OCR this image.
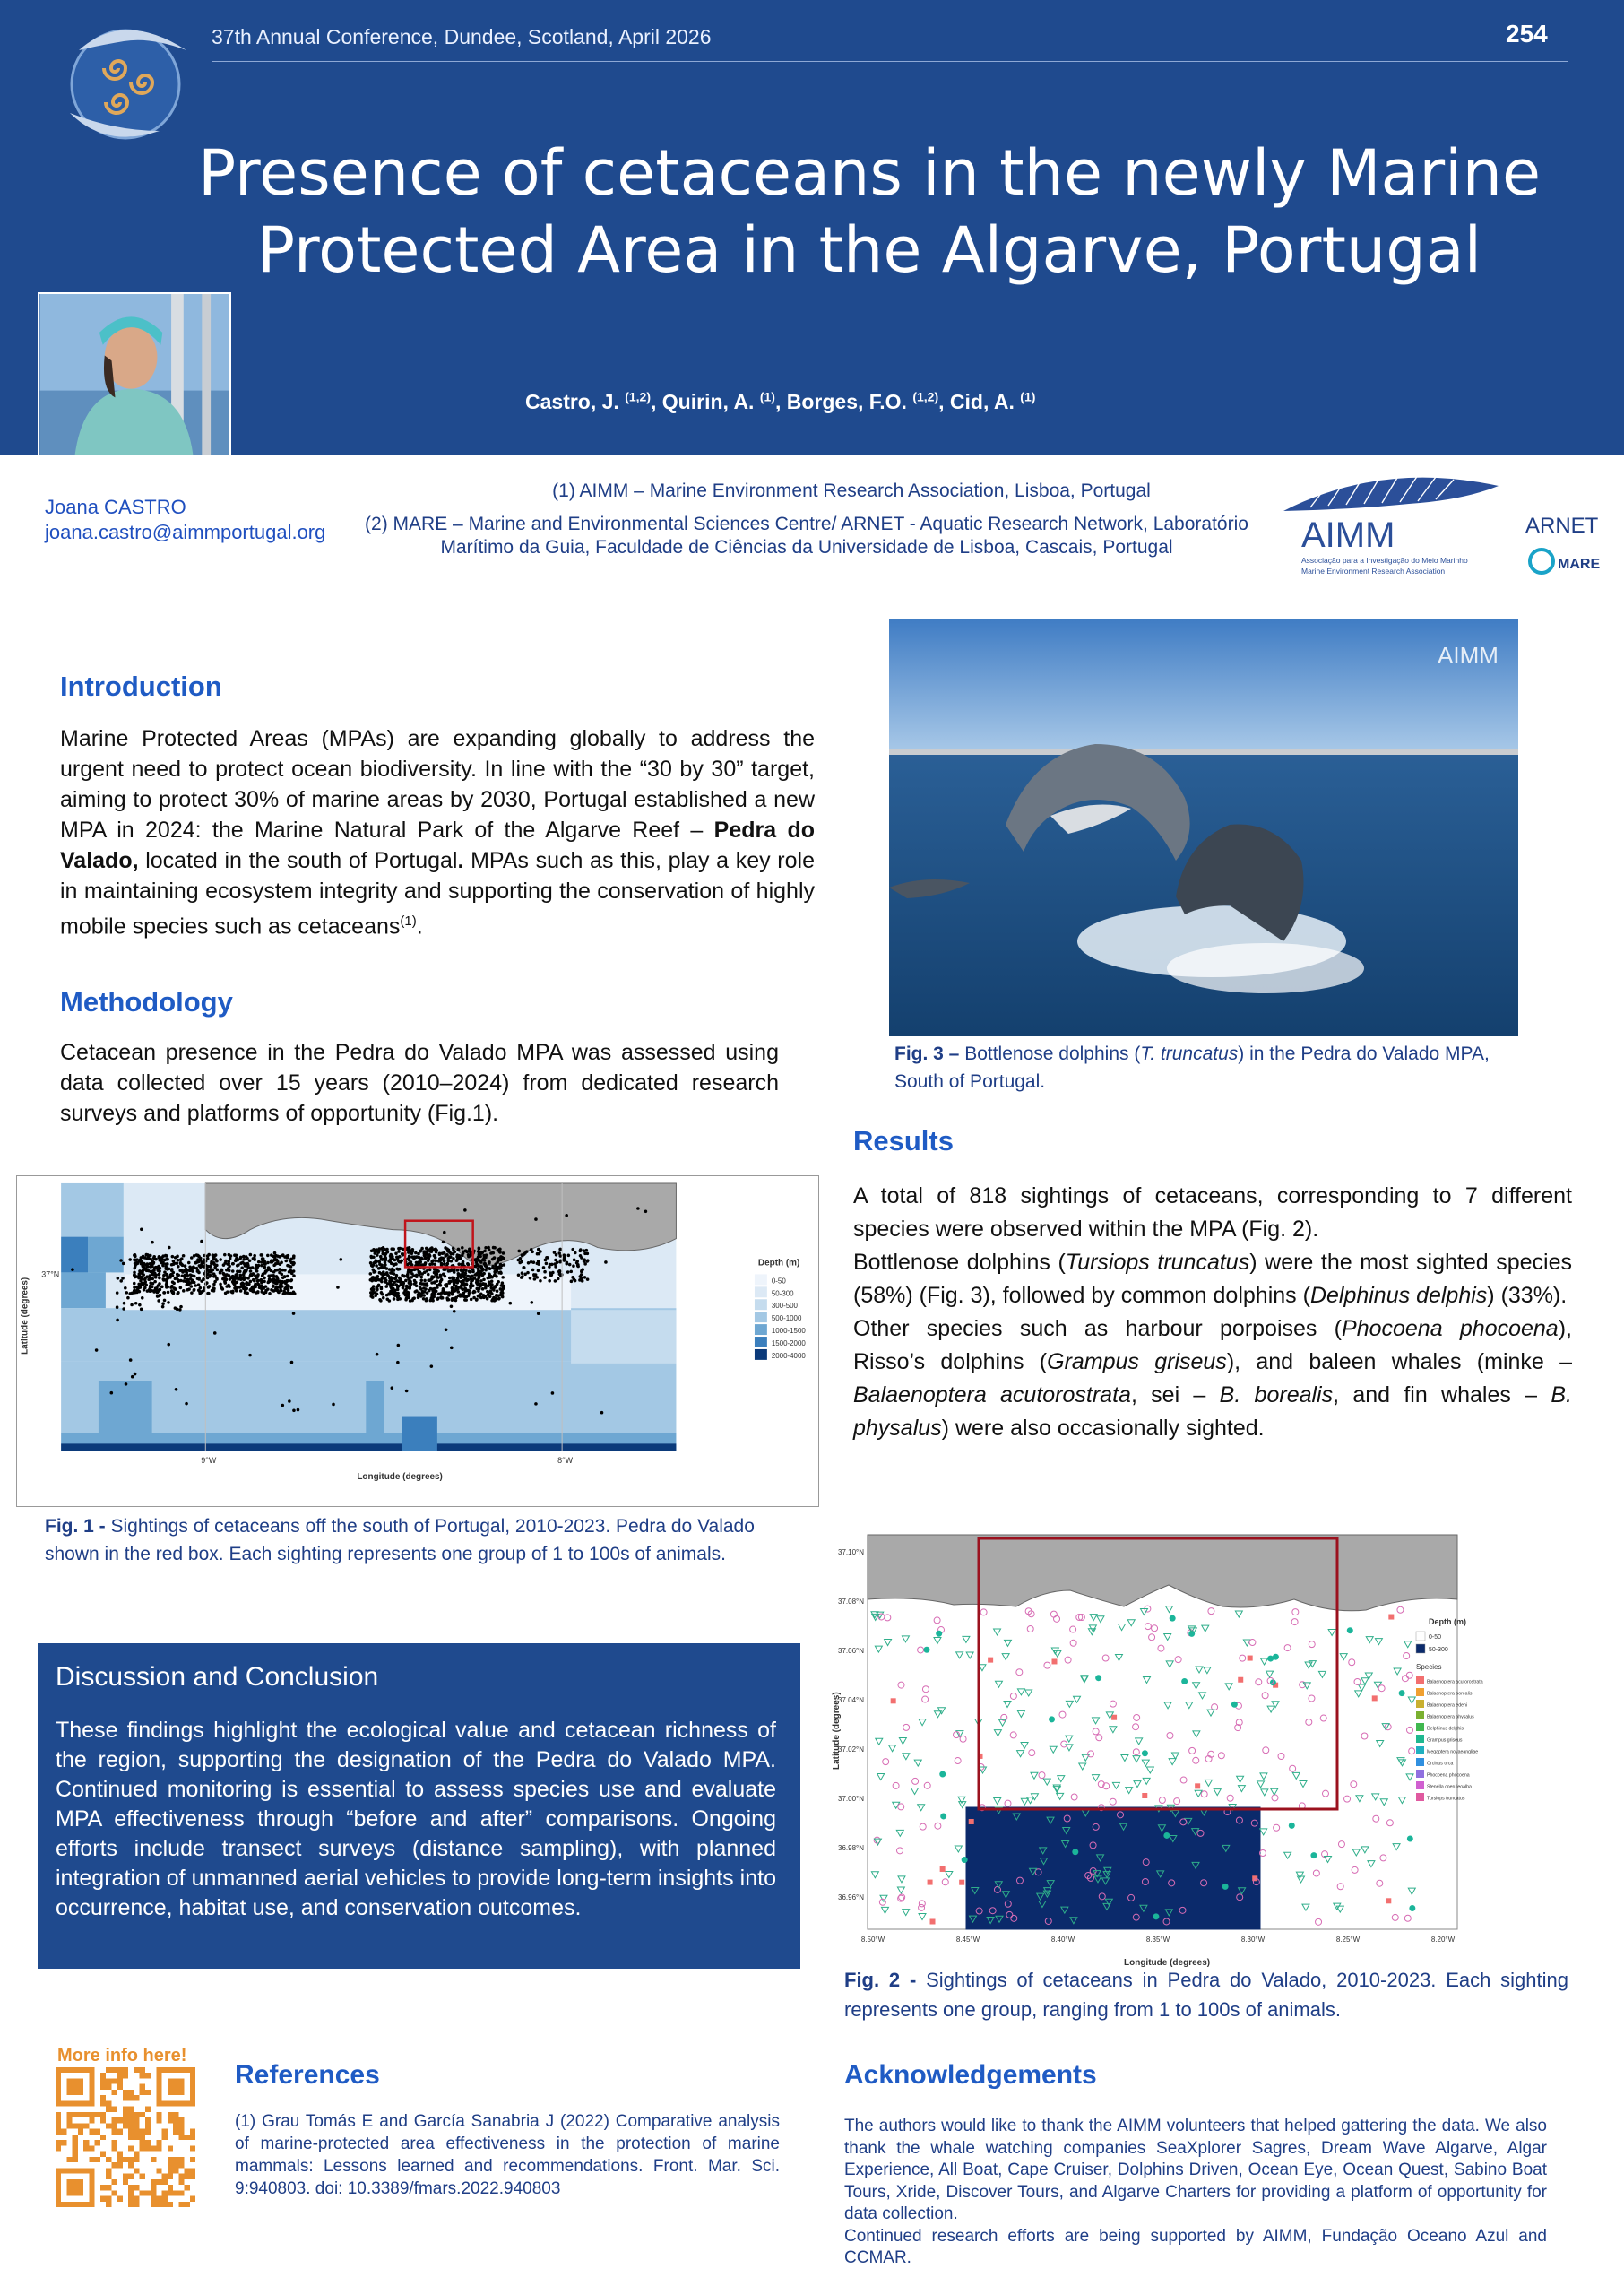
37th Annual Conference, Dundee, Scotland, April 2026	254
Presence of cetaceans in the newly Marine Protected Area in the Algarve, Portugal
Castro, J. $^{(1,2)}$, Quirin, A. $^{(1)}$, Borges, F.O. $^{(1,2)}$, Cid, A. $^{(1)}$
Joana CASTRO
joana.castro@aimmportugal.org
(1) AIMM – Marine Environment Research Association, Lisboa, Portugal
(2) MARE – Marine and Environmental Sciences Centre/ ARNET - Aquatic Research Network, Laboratório Marítimo da Guia, Faculdade de Ciências da Universidade de Lisboa, Cascais, Portugal	AIMM
Associação para a Investigação do Meio Marinho
Marine Environment Research Association
ARNET
MARE
Introduction
Marine Protected Areas (MPAs) are expanding globally to address the urgent need to protect ocean biodiversity. In line with the “30 by 30” target, aiming to protect 30% of marine areas by 2030, Portugal established a new MPA in 2024: the Marine Natural Park of the Algarve Reef – Pedra do Valado, located in the south of Portugal. MPAs such as this, play a key role in maintaining ecosystem integrity and supporting the conservation of highly mobile species such as cetaceans$^{(1)}$.
Methodology
Cetacean presence in the Pedra do Valado MPA was assessed using data collected over 15 years (2010–2024) from dedicated research surveys and platforms of opportunity (Fig.1).
9°W	8°W
37°N
Longitude (degrees)
Latitude (degrees)
Depth (m)
0-50
50-300
300-500
500-1000
1000-1500
1500-2000
2000-4000
Fig. 1 - Sightings of cetaceans off the south of Portugal, 2010-2023. Pedra do Valado shown in the red box. Each sighting represents one group of 1 to 100s of animals.
Discussion and Conclusion
These findings highlight the ecological value and cetacean richness of the region, supporting the designation of the Pedra do Valado MPA. Continued monitoring is essential to assess species use and evaluate MPA effectiveness through “before and after” comparisons. Ongoing efforts include transect surveys (distance sampling), with planned integration of unmanned aerial vehicles to provide long-term insights into occurrence, habitat use, and conservation outcomes.
More info here!
References
(1) Grau Tomás E and García Sanabria J (2022) Comparative analysis of marine-protected area effectiveness in the protection of marine mammals: Lessons learned and recommendations. Front. Mar. Sci. 9:940803. doi: 10.3389/fmars.2022.940803
AIMM
Fig. 3 – Bottlenose dolphins (T. truncatus) in the Pedra do Valado MPA, South of Portugal.
Results
A total of 818 sightings of cetaceans, corresponding to 7 different species were observed within the MPA (Fig. 2).
Bottlenose dolphins (Tursiops truncatus) were the most sighted species (58%) (Fig. 3), followed by common dolphins (Delphinus delphis) (33%).
Other species such as harbour porpoises (Phocoena phocoena), Risso’s dolphins (Grampus griseus), and baleen whales (minke – Balaenoptera acutorostrata, sei – B. borealis, and fin whales – B. physalus) were also occasionally sighted.
37.10°N
37.08°N
37.06°N
37.04°N
37.02°N
37.00°N
36.98°N
36.96°N
8.50°W	8.45°W	8.40°W	8.35°W	8.30°W	8.25°W	8.20°W
Longitude (degrees)
Latitude (degrees)
Depth (m)
0-50
50-300
Species
Balaenoptera acutorostrata
Balaenoptera borealis
Balaenoptera edeni
Balaenoptera physalus
Delphinus delphis
Grampus griseus
Megaptera novaeangliae
Orcinus orca
Phocoena phocoena
Stenella coeruleoalba
Tursiops truncatus
Fig. 2 - Sightings of cetaceans in Pedra do Valado, 2010-2023. Each sighting represents one group, ranging from 1 to 100s of animals.
Acknowledgements
The authors would like to thank the AIMM volunteers that helped gattering the data. We also thank the whale watching companies SeaXplorer Sagres, Dream Wave Algarve, Algar Experience, All Boat, Cape Cruiser, Dolphins Driven, Ocean Eye, Ocean Quest, Sabino Boat Tours, Xride, Discover Tours, and Algarve Charters for providing a platform of opportunity for data collection.
Continued research efforts are being supported by AIMM, Fundação Oceano Azul and CCMAR.
